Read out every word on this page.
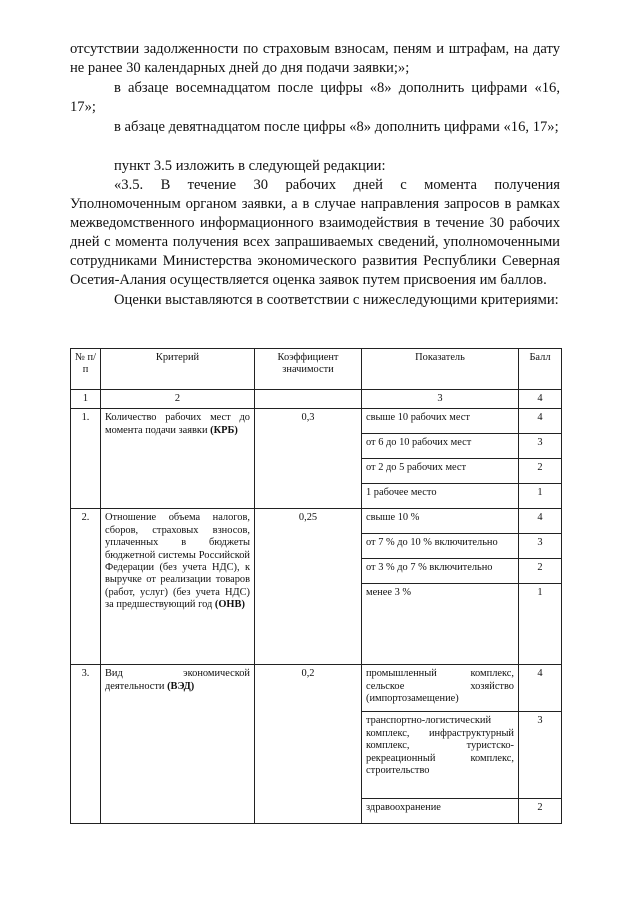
отсутствии задолженности по страховым взносам, пеням и штрафам, на дату не ранее 30 календарных дней до дня подачи заявки;»;

в абзаце восемнадцатом после цифры «8» дополнить цифрами «16, 17»;

в абзаце девятнадцатом после цифры «8» дополнить цифрами «16, 17»;

пункт 3.5 изложить в следующей редакции:

«3.5. В течение 30 рабочих дней с момента получения Уполномоченным органом заявки, а в случае направления запросов в рамках межведомственного информационного взаимодействия в течение 30 рабочих дней с момента получения всех запрашиваемых сведений, уполномоченными сотрудниками Министерства экономического развития Республики Северная Осетия-Алания осуществляется оценка заявок путем присвоения им баллов.

Оценки выставляются в соответствии с нижеследующими критериями:

№ п/п	Критерий	Коэффициент значимости	Показатель	Балл
1	2		3	4
1.	Количество рабочих мест до момента подачи заявки (КРБ)	0,3	свыше 10 рабочих мест	4
			от 6 до 10 рабочих мест	3
			от 2 до 5 рабочих мест	2
			1 рабочее место	1
2.	Отношение объема налогов, сборов, страховых взносов, уплаченных в бюджеты бюджетной системы Российской Федерации (без учета НДС), к выручке от реализации товаров (работ, услуг) (без учета НДС) за предшествующий год (ОНВ)	0,25	свыше 10 %	4
			от 7 % до 10 % включительно	3
			от 3 % до 7 % включительно	2
			менее 3 %	1
3.	Вид экономической деятельности (ВЭД)	0,2	промышленный комплекс, сельское хозяйство (импортозамещение)	4
			транспортно-логистический комплекс, инфраструктурный комплекс, туристско-рекреационный комплекс, строительство	3
			здравоохранение	2
